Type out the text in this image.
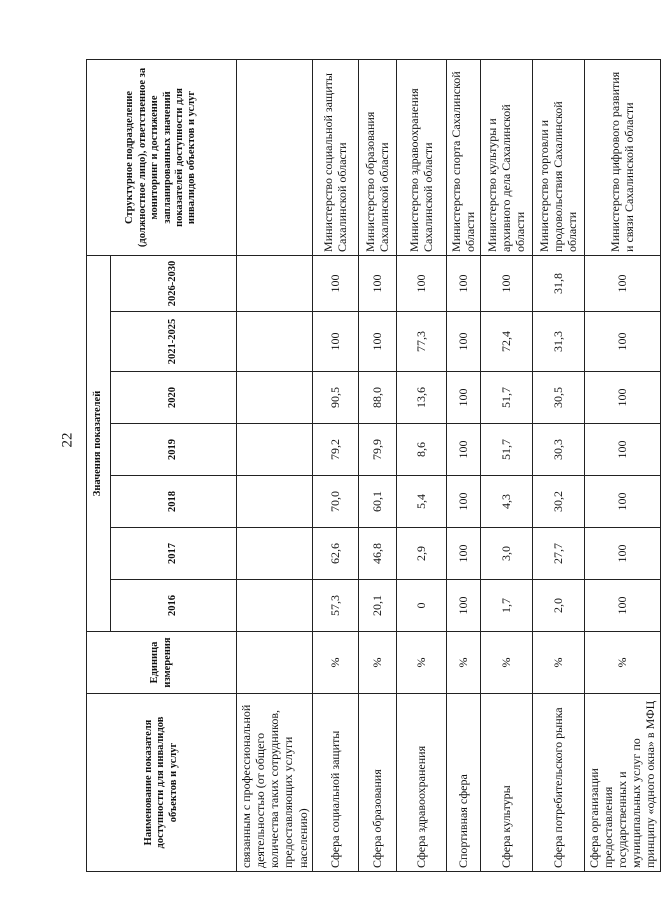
22
Наименование показателя доступности для инвалидов объектов и услуг	Единица измерения	Значения показателей							Структурное подразделение (должностное лицо), ответственное за мониторинг и достижение запланированных значений показателей доступности для инвалидов объектов и услуг
		2016	2017	2018	2019	2020	2021-2025	2026-2030	
связанным с профессиональной деятельностью (от общего количества таких сотрудников, предоставляющих услуги населению)									
Сфера социальной защиты	%	57,3	62,6	70,0	79,2	90,5	100	100	Министерство социальной защиты Сахалинской области
Сфера образования	%	20,1	46,8	60,1	79,9	88,0	100	100	Министерство образования Сахалинской области
Сфера здравоохранения	%	0	2,9	5,4	8,6	13,6	77,3	100	Министерство здравоохранения Сахалинской области
Спортивная сфера	%	100	100	100	100	100	100	100	Министерство спорта Сахалинской области
Сфера культуры	%	1,7	3,0	4,3	51,7	51,7	72,4	100	Министерство культуры и архивного дела Сахалинской области
Сфера потребительского рынка	%	2,0	27,7	30,2	30,3	30,5	31,3	31,8	Министерство торговли и продовольствия Сахалинской области
Сфера организации предоставления государственных и муниципальных услуг по принципу «одного окна» в МФЦ	%	100	100	100	100	100	100	100	Министерство цифрового развития и связи Сахалинской области
